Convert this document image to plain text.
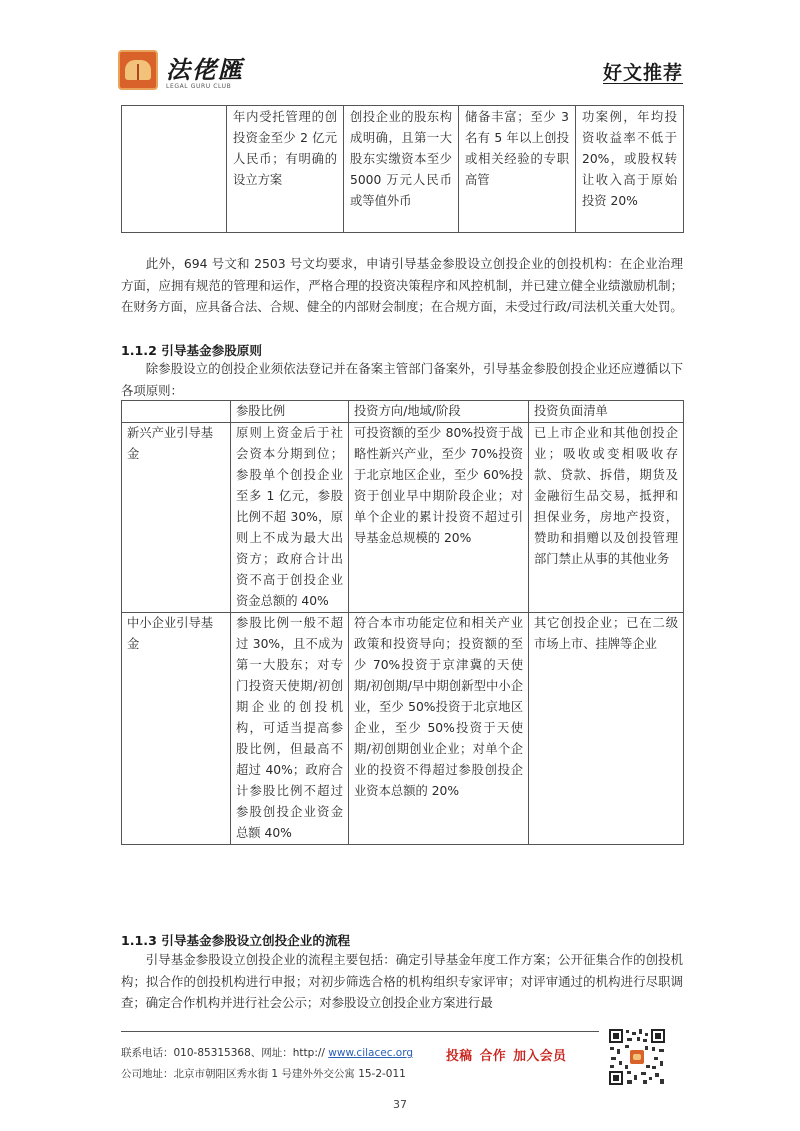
法佬匯
LEGAL GURU CLUB
好文推荐
	年内受托管理的创投资金至少 2 亿元人民币；有明确的设立方案	创投企业的股东构成明确，且第一大股东实缴资本至少 5000 万元人民币或等值外币	储备丰富；至少 3 名有 5 年以上创投或相关经验的专职高管	功案例，年均投资收益率不低于 20%，或股权转让收入高于原始投资 20%
此外，694 号文和 2503 号文均要求，申请引导基金参股设立创投企业的创投机构：在企业治理方面，应拥有规范的管理和运作，严格合理的投资决策程序和风控机制，并已建立健全业绩激励机制；在财务方面，应具备合法、合规、健全的内部财会制度；在合规方面，未受过行政/司法机关重大处罚。
1.1.2 引导基金参股原则
除参股设立的创投企业须依法登记并在备案主管部门备案外，引导基金参股创投企业还应遵循以下各项原则：
	参股比例	投资方向/地域/阶段	投资负面清单
新兴产业引导基金	原则上资金后于社会资本分期到位；参股单个创投企业至多 1 亿元，参股比例不超 30%，原则上不成为最大出资方；政府合计出资不高于创投企业资金总额的 40%	可投资额的至少 80%投资于战略性新兴产业，至少 70%投资于北京地区企业，至少 60%投资于创业早中期阶段企业；对单个企业的累计投资不超过引导基金总规模的 20%	已上市企业和其他创投企业；吸收或变相吸收存款、贷款、拆借，期货及金融衍生品交易，抵押和担保业务，房地产投资，赞助和捐赠以及创投管理部门禁止从事的其他业务
中小企业引导基金	参股比例一般不超过 30%，且不成为第一大股东；对专门投资天使期/初创期企业的创投机构，可适当提高参股比例，但最高不超过 40%；政府合计参股比例不超过参股创投企业资金总额 40%	符合本市功能定位和相关产业政策和投资导向；投资额的至少 70%投资于京津冀的天使期/初创期/早中期创新型中小企业，至少 50%投资于北京地区企业，至少 50%投资于天使期/初创期创业企业；对单个企业的投资不得超过参股创投企业资本总额的 20%	其它创投企业；已在二级市场上市、挂牌等企业
1.1.3 引导基金参股设立创投企业的流程
引导基金参股设立创投企业的流程主要包括：确定引导基金年度工作方案；公开征集合作的创投机构；拟合作的创投机构进行申报；对初步筛选合格的机构组织专家评审；对评审通过的机构进行尽职调查；确定合作机构并进行社会公示；对参股设立创投企业方案进行最
联系电话：010-85315368、网址：http:// www.cilacec.org
公司地址：北京市朝阳区秀水街 1 号建外外交公寓 15-2-011
投稿 合作 加入会员
37
